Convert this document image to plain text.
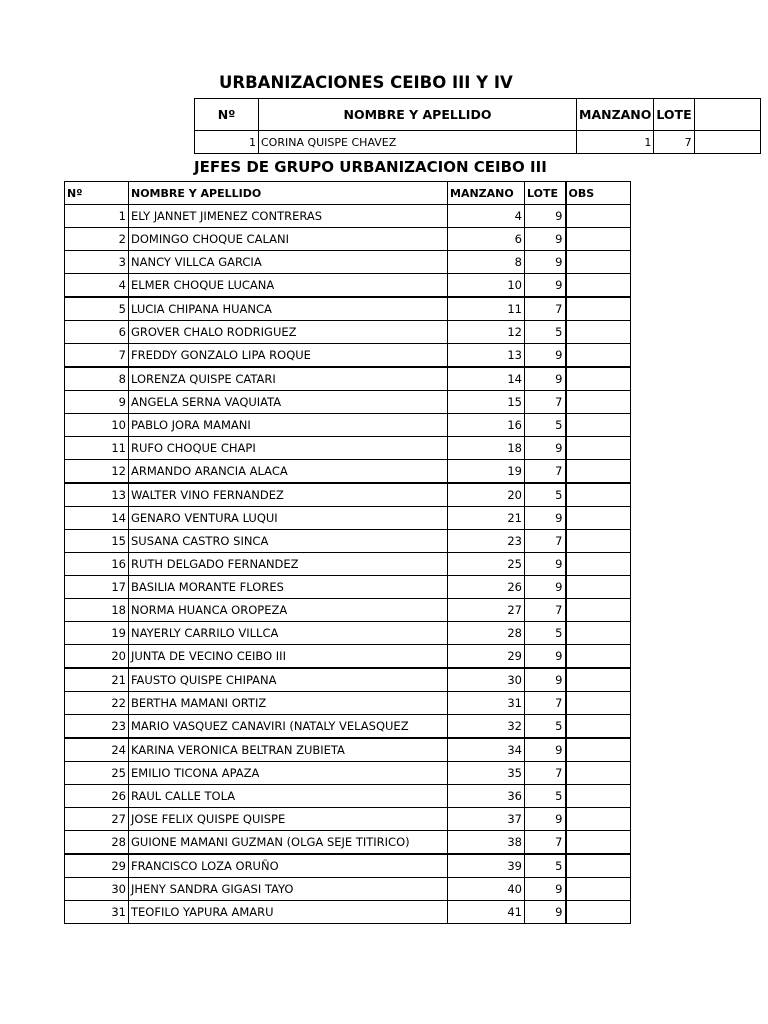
URBANIZACIONES CEIBO III Y IV
Nº	NOMBRE Y APELLIDO	MANZANO	LOTE	
1	CORINA QUISPE CHAVEZ	1	7	
JEFES DE GRUPO URBANIZACION CEIBO III
Nº	NOMBRE Y APELLIDO	MANZANO	LOTE	OBS
1	ELY JANNET JIMENEZ CONTRERAS	4	9	
2	DOMINGO CHOQUE CALANI	6	9	
3	NANCY VILLCA GARCIA	8	9	
4	ELMER CHOQUE LUCANA	10	9	
5	LUCIA CHIPANA HUANCA	11	7	
6	GROVER CHALO RODRIGUEZ	12	5	
7	FREDDY GONZALO LIPA ROQUE	13	9	
8	LORENZA QUISPE CATARI	14	9	
9	ANGELA SERNA VAQUIATA	15	7	
10	PABLO JORA MAMANI	16	5	
11	RUFO CHOQUE CHAPI	18	9	
12	ARMANDO ARANCIA ALACA	19	7	
13	WALTER VINO FERNANDEZ	20	5	
14	GENARO VENTURA LUQUI	21	9	
15	SUSANA CASTRO SINCA	23	7	
16	RUTH DELGADO FERNANDEZ	25	9	
17	BASILIA MORANTE FLORES	26	9	
18	NORMA HUANCA OROPEZA	27	7	
19	NAYERLY CARRILO VILLCA	28	5	
20	JUNTA DE VECINO CEIBO III	29	9	
21	FAUSTO QUISPE CHIPANA	30	9	
22	BERTHA MAMANI ORTIZ	31	7	
23	MARIO VASQUEZ CANAVIRI (NATALY VELASQUEZ	32	5	
24	KARINA VERONICA BELTRAN ZUBIETA	34	9	
25	EMILIO TICONA APAZA	35	7	
26	RAUL CALLE TOLA	36	5	
27	JOSE FELIX QUISPE QUISPE	37	9	
28	GUIONE MAMANI GUZMAN (OLGA SEJE TITIRICO)	38	7	
29	FRANCISCO LOZA ORUÑO	39	5	
30	JHENY SANDRA GIGASI TAYO	40	9	
31	TEOFILO YAPURA AMARU	41	9	
